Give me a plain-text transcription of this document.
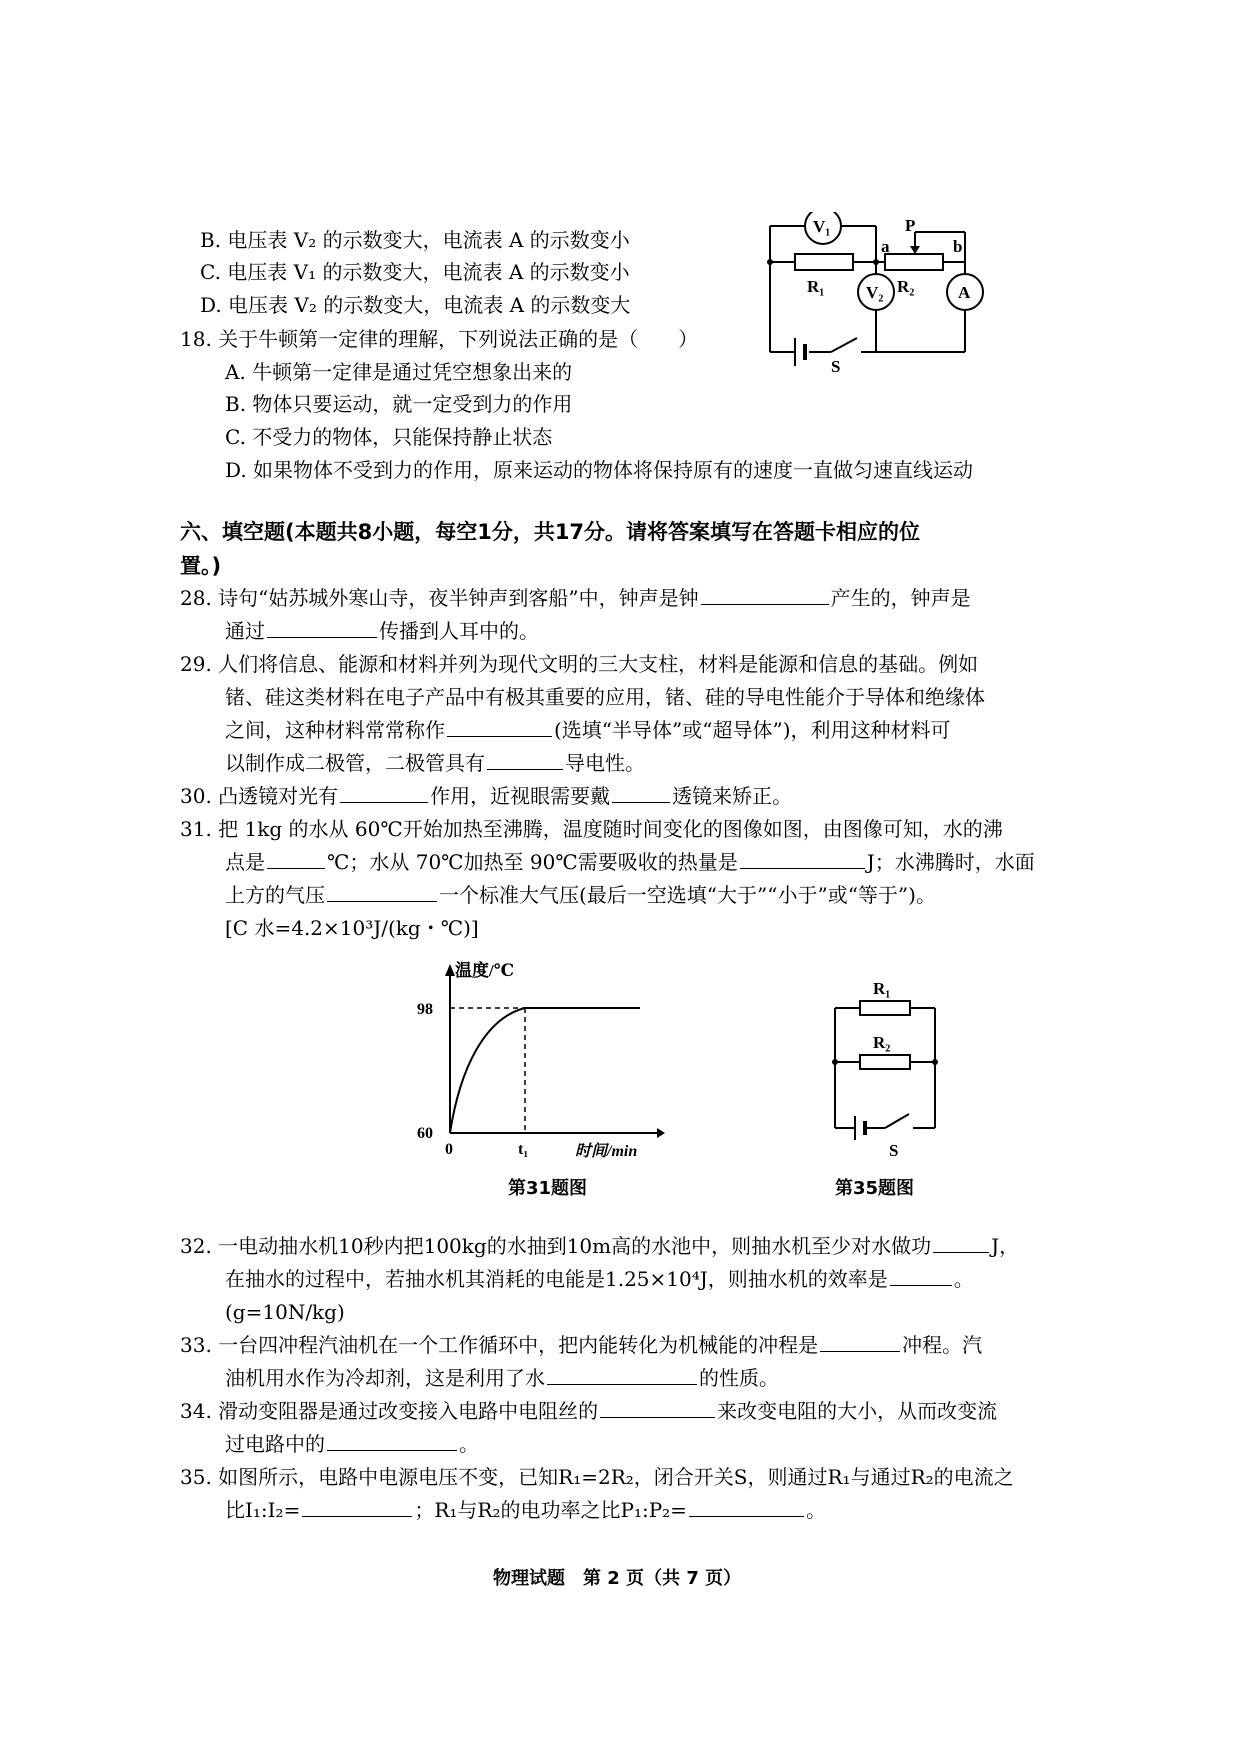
B. 电压表 V₂ 的示数变大，电流表 A 的示数变小
C. 电压表 V₁ 的示数变大，电流表 A 的示数变小
D. 电压表 V₂ 的示数变大，电流表 A 的示数变大
V₁
R₁ V₂ R₂	A
a	b
P
S
18. 关于牛顿第一定律的理解，下列说法正确的是（　　）
A. 牛顿第一定律是通过凭空想象出来的
B. 物体只要运动，就一定受到力的作用
C. 不受力的物体，只能保持静止状态
D. 如果物体不受到力的作用，原来运动的物体将保持原有的速度一直做匀速直线运动
六、填空题(本题共8小题，每空1分，共17分。请将答案填写在答题卡相应的位
置。)
28. 诗句“姑苏城外寒山寺，夜半钟声到客船”中，钟声是钟	产生的，钟声是
通过	传播到人耳中的。
29. 人们将信息、能源和材料并列为现代文明的三大支柱，材料是能源和信息的基础。例如
锗、硅这类材料在电子产品中有极其重要的应用，锗、硅的导电性能介于导体和绝缘体
之间，这种材料常常称作	(选填“半导体”或“超导体”)，利用这种材料可
以制作成二极管，二极管具有	导电性。
30. 凸透镜对光有	作用，近视眼需要戴	透镜来矫正。
31. 把 1kg 的水从 60℃开始加热至沸腾，温度随时间变化的图像如图，由图像可知，水的沸
点是	℃；水从 70℃加热至 90℃需要吸收的热量是	J；水沸腾时，水面
上方的气压	一个标准大气压(最后一空选填“大于”“小于”或“等于”)。
[C 水=4.2×10³J/(kg・℃)]
温度/℃
98
60
0	t₁	时间/min
第31题图
R₁
R₂
S
第35题图
32. 一电动抽水机10秒内把100kg的水抽到10m高的水池中，则抽水机至少对水做功	J，
在抽水的过程中，若抽水机其消耗的电能是1.25×10⁴J，则抽水机的效率是	。
(g=10N/kg)
33. 一台四冲程汽油机在一个工作循环中，把内能转化为机械能的冲程是	冲程。汽
油机用水作为冷却剂，这是利用了水	的性质。
34. 滑动变阻器是通过改变接入电路中电阻丝的	来改变电阻的大小，从而改变流
过电路中的	。
35. 如图所示，电路中电源电压不变，已知R₁=2R₂，闭合开关S，则通过R₁与通过R₂的电流之
比I₁:I₂=	；R₁与R₂的电功率之比P₁:P₂=	。
物理试题　第 2 页（共 7 页）
